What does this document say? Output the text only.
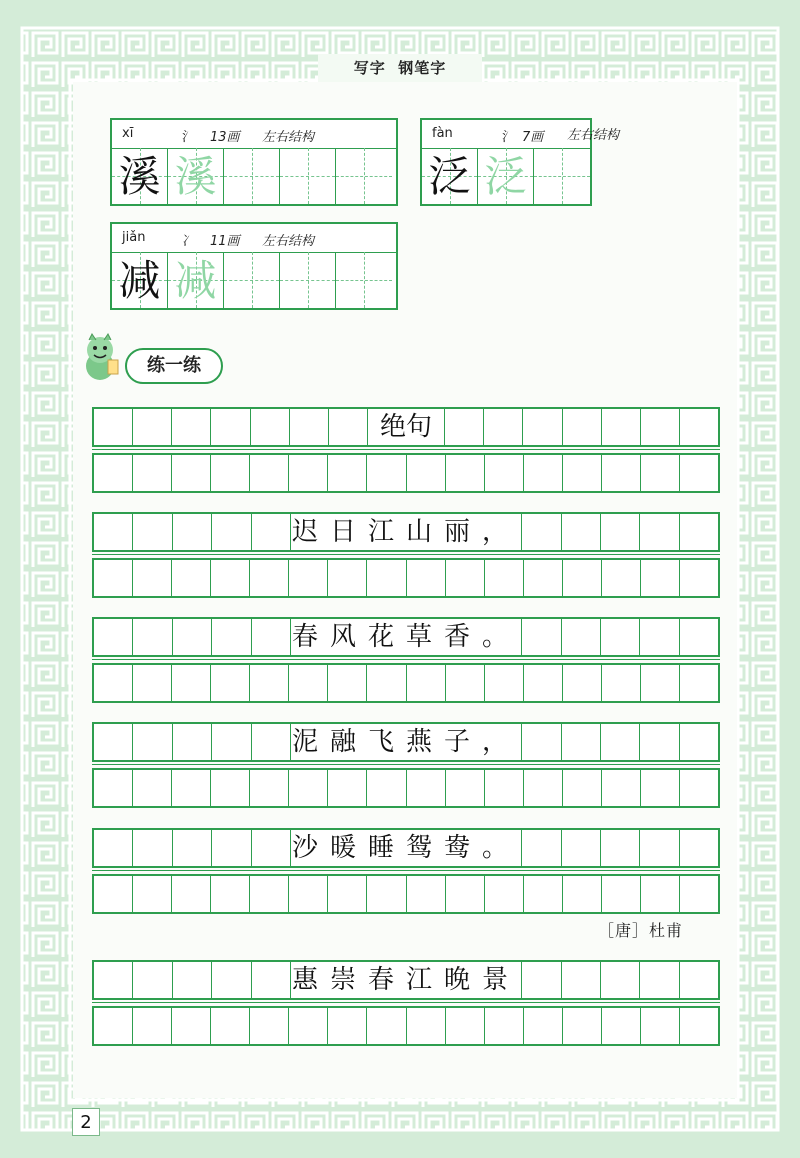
写字  钢笔字
xī	氵 13画 左右结构
溪 溪
fàn	氵 7画
泛 泛
左右结构
jiǎn	冫 11画 左右结构
减 减
练一练
绝句
迟日江山丽，
春风花草香。
泥融飞燕子，
沙暖睡鸳鸯。
［唐］杜甫
惠崇春江晚景
2
